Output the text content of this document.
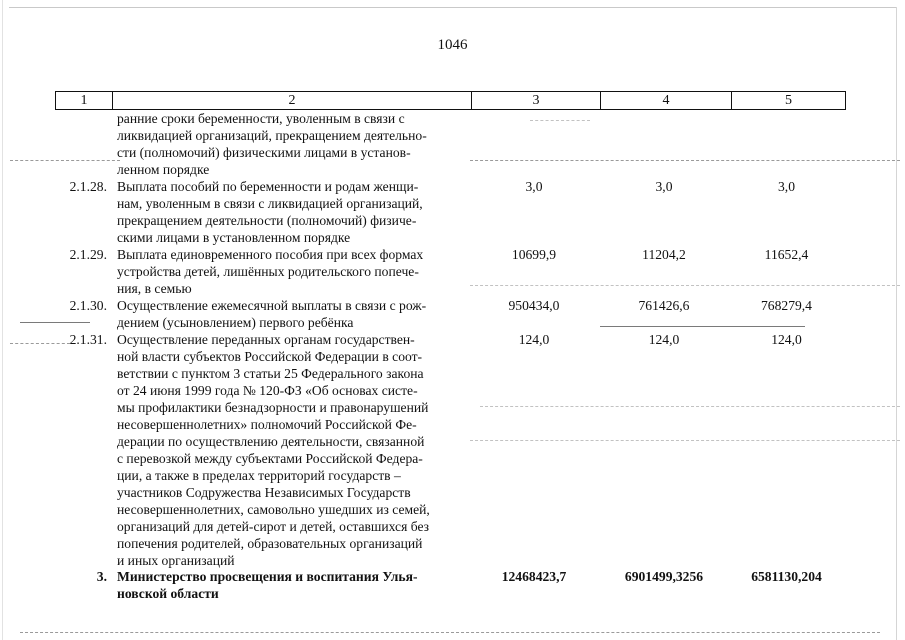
1046
1	2	3	4	5
ранние сроки беременности, уволенным в связи с
ликвидацией организаций, прекращением деятельно-
сти (полномочий) физическими лицами в установ-
ленном порядке
2.1.28. Выплата пособий по беременности и родам женщи-
нам, уволенным в связи с ликвидацией организаций,
прекращением деятельности (полномочий) физиче-
скими лицами в установленном порядке
3,0	3,0	3,0
2.1.29. Выплата единовременного пособия при всех формах
устройства детей, лишённых родительского попече-
ния, в семью
10699,9	11204,2	11652,4
2.1.30. Осуществление ежемесячной выплаты в связи с рож-
дением (усыновлением) первого ребёнка
950434,0	761426,6	768279,4
2.1.31. Осуществление переданных органам государствен-
ной власти субъектов Российской Федерации в соот-
ветствии с пунктом 3 статьи 25 Федерального закона
от 24 июня 1999 года № 120-ФЗ «Об основах систе-
мы профилактики безнадзорности и правонарушений
несовершеннолетних» полномочий Российской Фе-
дерации по осуществлению деятельности, связанной
с перевозкой между субъектами Российской Федера-
ции, а также в пределах территорий государств –
участников Содружества Независимых Государств
несовершеннолетних, самовольно ушедших из семей,
организаций для детей-сирот и детей, оставшихся без
попечения родителей, образовательных организаций
и иных организаций
124,0	124,0	124,0
3. Министерство просвещения и воспитания Улья-
новской области
12468423,7	6901499,3256	6581130,204
